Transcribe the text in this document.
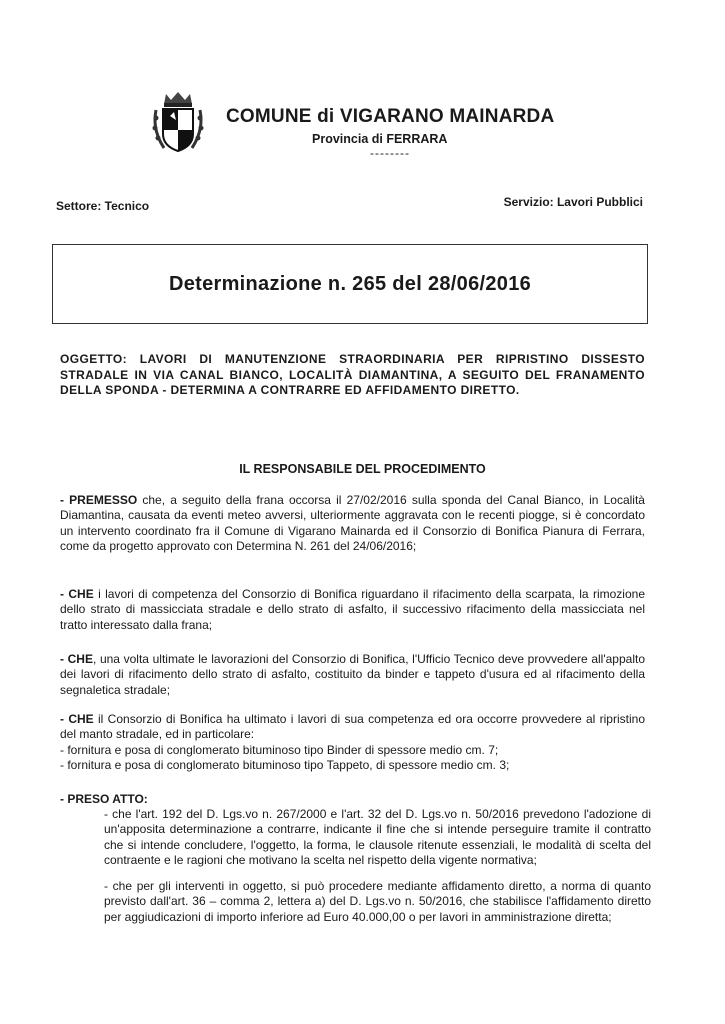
COMUNE di VIGARANO MAINARDA
Provincia di FERRARA
--------
Settore: Tecnico	Servizio: Lavori Pubblici
Determinazione n. 265 del 28/06/2016
OGGETTO: LAVORI DI MANUTENZIONE STRAORDINARIA PER RIPRISTINO DISSESTO STRADALE IN VIA CANAL BIANCO, LOCALITÀ DIAMANTINA, A SEGUITO DEL FRANAMENTO DELLA SPONDA - DETERMINA A CONTRARRE ED AFFIDAMENTO DIRETTO.
IL RESPONSABILE DEL PROCEDIMENTO
- PREMESSO che, a seguito della frana occorsa il 27/02/2016 sulla sponda del Canal Bianco, in Località Diamantina, causata da eventi meteo avversi, ulteriormente aggravata con le recenti piogge, si è concordato un intervento coordinato fra il Comune di Vigarano Mainarda ed il Consorzio di Bonifica Pianura di Ferrara, come da progetto approvato con Determina N. 261 del 24/06/2016;
- CHE i lavori di competenza del Consorzio di Bonifica riguardano il rifacimento della scarpata, la rimozione dello strato di massicciata stradale e dello strato di asfalto, il successivo rifacimento della massicciata nel tratto interessato dalla frana;
- CHE, una volta ultimate le lavorazioni del Consorzio di Bonifica, l'Ufficio Tecnico deve provvedere all'appalto dei lavori di rifacimento dello strato di asfalto, costituito da binder e tappeto d'usura ed al rifacimento della segnaletica stradale;
- CHE il Consorzio di Bonifica ha ultimato i lavori di sua competenza ed ora occorre provvedere al ripristino del manto stradale, ed in particolare:
- fornitura e posa di conglomerato bituminoso tipo Binder di spessore medio cm. 7;
- fornitura e posa di conglomerato bituminoso tipo Tappeto, di spessore medio cm. 3;
- PRESO ATTO:
- che l'art. 192 del D. Lgs.vo n. 267/2000 e l'art. 32 del D. Lgs.vo n. 50/2016 prevedono l'adozione di un'apposita determinazione a contrarre, indicante il fine che si intende perseguire tramite il contratto che si intende concludere, l'oggetto, la forma, le clausole ritenute essenziali, le modalità di scelta del contraente e le ragioni che motivano la scelta nel rispetto della vigente normativa;
- che per gli interventi in oggetto, si può procedere mediante affidamento diretto, a norma di quanto previsto dall'art. 36 – comma 2, lettera a) del D. Lgs.vo n. 50/2016, che stabilisce l'affidamento diretto per aggiudicazioni di importo inferiore ad Euro 40.000,00 o per lavori in amministrazione diretta;
